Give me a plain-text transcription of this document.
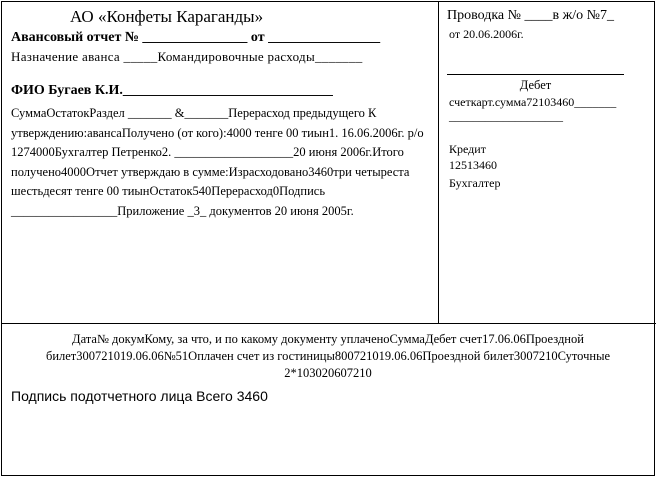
АО «Конфеты Караганды»
Авансовый отчет № _______________ от ________________
Назначение аванса _____Командировочные расходы_______
ФИО Бугаев К.И.______________________________
СуммаОстатокРаздел _______ &_______Перерасход предыдущего К утверждению:авансаПолучено (от кого):4000 тенге 00 тиын1. 16.06.2006г. р/о 1274000Бухгалтер Петренко2. ___________________20 июня 2006г.Итого получено4000Отчет утверждаю в сумме:Израсходовано3460три четыреста шестьдесят тенге 00 тиынОстаток540Перерасход0Подпись _________________Приложение _3_ документов 20 июня 2005г.
Проводка № ____в ж/о №7_
от 20.06.2006г.
Дебет
счеткарт.сумма72103460_______
___________________
Кредит
12513460
Бухгалтер
Дата№ докумКому, за что, и по какому документу уплаченоСуммаДебет счет17.06.06Проездной билет300721019.06.06№51Оплачен счет из гостиницы800721019.06.06Проездной билет3007210Суточные 2*103020607210
Подпись подотчетного лица Всего 3460
